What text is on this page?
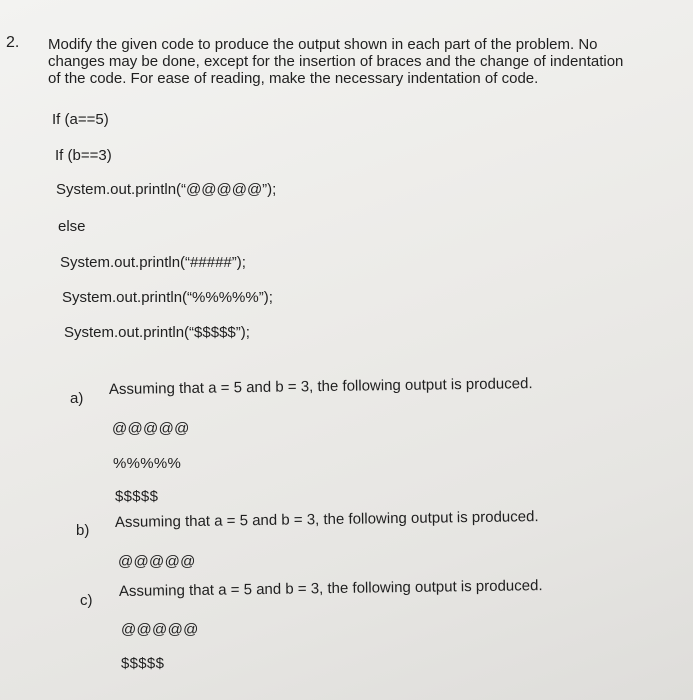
2. Modify the given code to produce the output shown in each part of the problem. No
changes may be done, except for the insertion of braces and the change of indentation
of the code. For ease of reading, make the necessary indentation of code.
If (a==5)
If (b==3)
System.out.println(“@@@@@”);
else
System.out.println(“#####”);
System.out.println(“%%%%%”);
System.out.println(“$$$$$”);
a)
Assuming that a = 5 and b = 3, the following output is produced.
@@@@@
%%%%%
$$$$$
b) Assuming that a = 5 and b = 3, the following output is produced.
@@@@@
c)
Assuming that a = 5 and b = 3, the following output is produced.
@@@@@
$$$$$
